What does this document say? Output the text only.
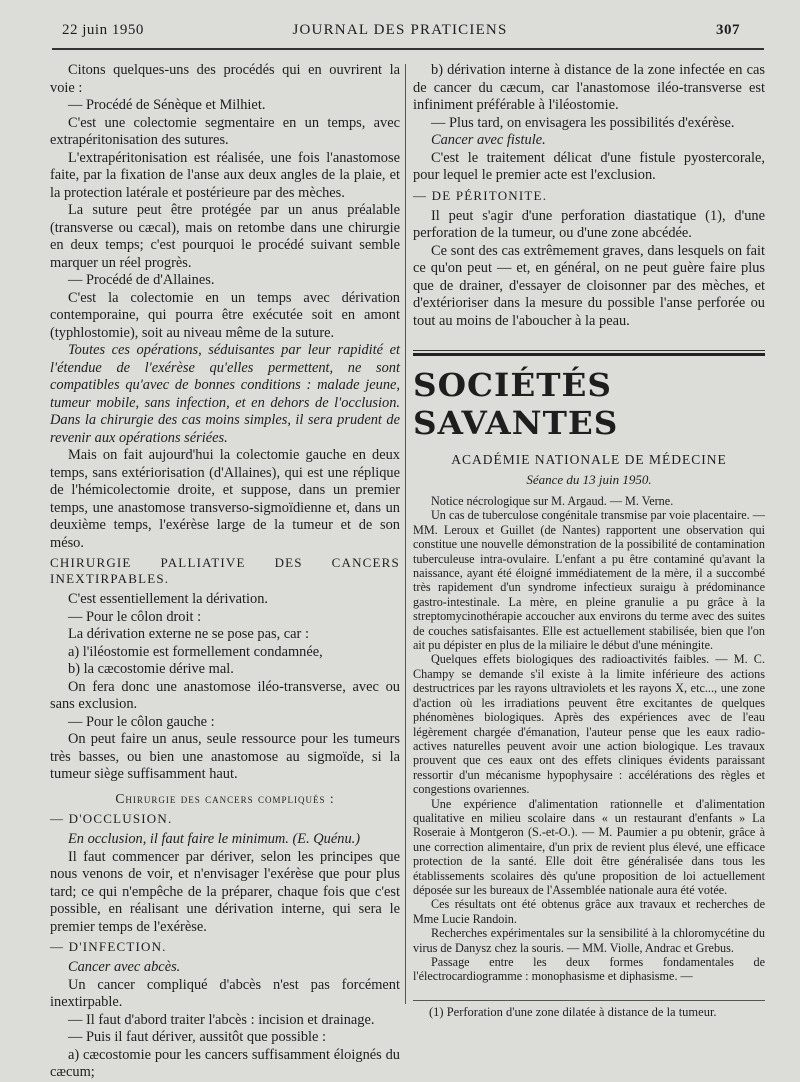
22 juin 1950	JOURNAL DES PRATICIENS	307

Citons quelques-uns des procédés qui en ouvrirent la voie :

— Procédé de Sénèque et Milhiet.

C'est une colectomie segmentaire en un temps, avec extrapéritonisation des sutures.

L'extrapéritonisation est réalisée, une fois l'anastomose faite, par la fixation de l'anse aux deux angles de la plaie, et la protection latérale et postérieure par des mèches.

La suture peut être protégée par un anus préalable (transverse ou cæcal), mais on retombe dans une chirurgie en deux temps; c'est pourquoi le procédé suivant semble marquer un réel progrès.

— Procédé de d'Allaines.

C'est la colectomie en un temps avec dérivation contemporaine, qui pourra être exécutée soit en amont (typhlostomie), soit au niveau même de la suture.

Toutes ces opérations, séduisantes par leur rapidité et l'étendue de l'exérèse qu'elles permettent, ne sont compatibles qu'avec de bonnes conditions : malade jeune, tumeur mobile, sans infection, et en dehors de l'occlusion. Dans la chirurgie des cas moins simples, il sera prudent de revenir aux opérations sériées.

Mais on fait aujourd'hui la colectomie gauche en deux temps, sans extériorisation (d'Allaines), qui est une réplique de l'hémicolectomie droite, et suppose, dans un premier temps, une anastomose transverso-sigmoïdienne et, dans un deuxième temps, l'exérèse large de la tumeur et de son méso.

CHIRURGIE PALLIATIVE DES CANCERS INEXTIRPABLES.

C'est essentiellement la dérivation.

— Pour le côlon droit :

La dérivation externe ne se pose pas, car :

a) l'iléostomie est formellement condamnée,

b) la cæcostomie dérive mal.

On fera donc une anastomose iléo-transverse, avec ou sans exclusion.

— Pour le côlon gauche :

On peut faire un anus, seule ressource pour les tumeurs très basses, ou bien une anastomose au sigmoïde, si la tumeur siège suffisamment haut.

Chirurgie des cancers compliqués :

— D'OCCLUSION.

En occlusion, il faut faire le minimum. (E. Quénu.)

Il faut commencer par dériver, selon les principes que nous venons de voir, et n'envisager l'exérèse que pour plus tard; ce qui n'empêche de la préparer, chaque fois que c'est possible, en réalisant une dérivation interne, qui sera le premier temps de l'exérèse.

— D'INFECTION.

Cancer avec abcès.

Un cancer compliqué d'abcès n'est pas forcément inextirpable.

— Il faut d'abord traiter l'abcès : incision et drainage.

— Puis il faut dériver, aussitôt que possible :

a) cæcostomie pour les cancers suffisamment éloignés du cæcum;

b) dérivation interne à distance de la zone infectée en cas de cancer du cæcum, car l'anastomose iléo-transverse est infiniment préférable à l'iléostomie.

— Plus tard, on envisagera les possibilités d'exérèse.

Cancer avec fistule.

C'est le traitement délicat d'une fistule pyostercorale, pour lequel le premier acte est l'exclusion.

— DE PÉRITONITE.

Il peut s'agir d'une perforation diastatique (1), d'une perforation de la tumeur, ou d'une zone abcédée.

Ce sont des cas extrêmement graves, dans lesquels on fait ce qu'on peut — et, en général, on ne peut guère faire plus que de drainer, d'essayer de cloisonner par des mèches, et d'extérioriser dans la mesure du possible l'anse perforée ou tout au moins de l'aboucher à la peau.

SOCIÉTÉS SAVANTES

ACADÉMIE NATIONALE DE MÉDECINE

Séance du 13 juin 1950.

Notice nécrologique sur M. Argaud. — M. Verne.

Un cas de tuberculose congénitale transmise par voie placentaire. — MM. Leroux et Guillet (de Nantes) rapportent une observation qui constitue une nouvelle démonstration de la possibilité de contamination tuberculeuse intra-ovulaire. L'enfant a pu être contaminé qu'avant la naissance, ayant été éloigné immédiatement de la mère, il a succombé très rapidement d'un syndrome infectieux suraigu à prédominance gastro-intestinale. La mère, en pleine granulie a pu grâce à la streptomycinothérapie accoucher aux environs du terme avec des suites de couches satisfaisantes. Elle est actuellement stabilisée, bien que l'on ait pu dépister en plus de la miliaire le début d'une méningite.

Quelques effets biologiques des radioactivités faibles. — M. C. Champy se demande s'il existe à la limite inférieure des actions destructrices par les rayons ultraviolets et les rayons X, etc..., une zone d'action où les irradiations peuvent être excitantes de quelques phénomènes biologiques. Après des expériences avec de l'eau légèrement chargée d'émanation, l'auteur pense que les eaux radio-actives naturelles peuvent avoir une action biologique. Les travaux prouvent que ces eaux ont des effets cliniques évidents paraissant ressortir d'un mécanisme hypophysaire : accélérations des règles et congestions ovariennes.

Une expérience d'alimentation rationnelle et d'alimentation qualitative en milieu scolaire dans « un restaurant d'enfants » La Roseraie à Montgeron (S.-et-O.). — M. Paumier a pu obtenir, grâce à une correction alimentaire, d'un prix de revient plus élevé, une efficace protection de la santé. Elle doit être généralisée dans tous les établissements scolaires dès qu'une proposition de loi actuellement déposée sur les bureaux de l'Assemblée nationale aura été votée.

Ces résultats ont été obtenus grâce aux travaux et recherches de Mme Lucie Randoin.

Recherches expérimentales sur la sensibilité à la chloromycétine du virus de Danysz chez la souris. — MM. Violle, Andrac et Grebus.

Passage entre les deux formes fondamentales de l'électrocardiogramme : monophasisme et diphasisme. —

(1) Perforation d'une zone dilatée à distance de la tumeur.
